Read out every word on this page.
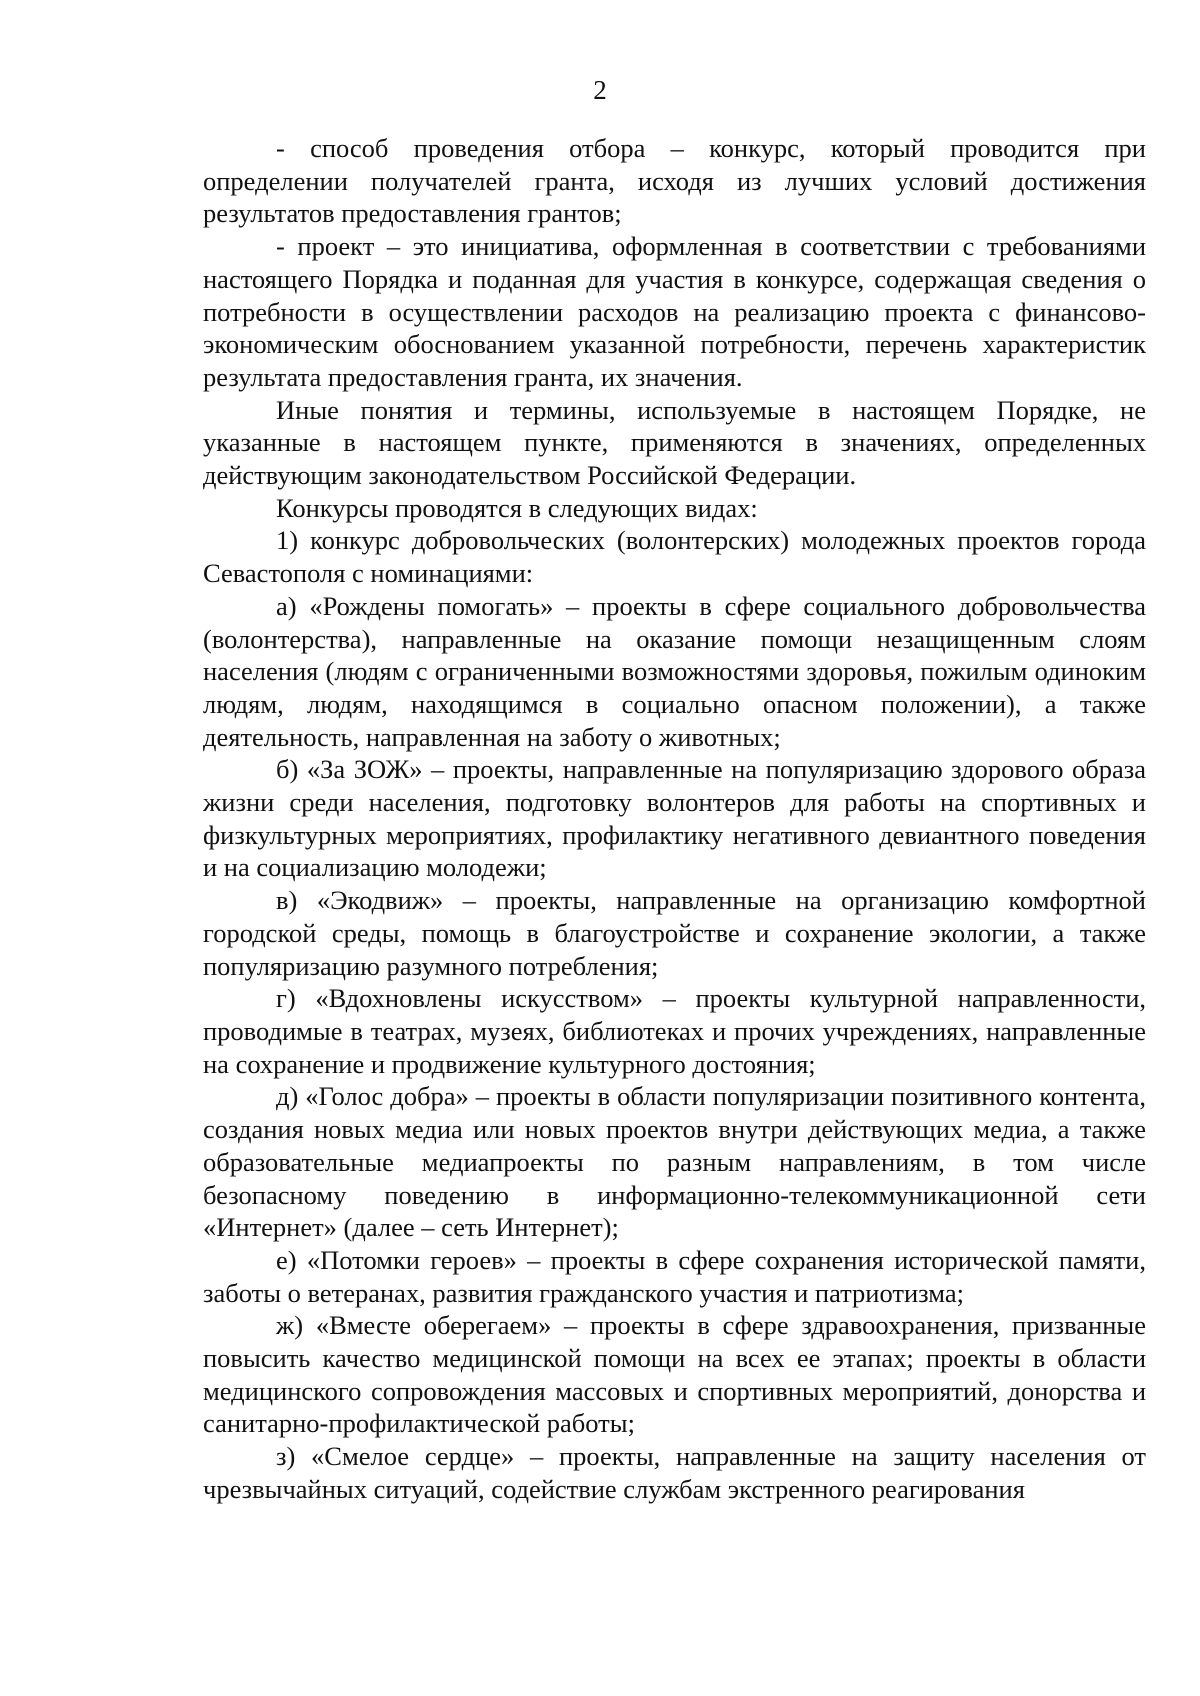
2

- способ проведения отбора – конкурс, который проводится при определении получателей гранта, исходя из лучших условий достижения результатов предоставления грантов;

- проект – это инициатива, оформленная в соответствии с требованиями настоящего Порядка и поданная для участия в конкурсе, содержащая сведения о потребности в осуществлении расходов на реализацию проекта с финансово-экономическим обоснованием указанной потребности, перечень характеристик результата предоставления гранта, их значения.

Иные понятия и термины, используемые в настоящем Порядке, не указанные в настоящем пункте, применяются в значениях, определенных действующим законодательством Российской Федерации.

Конкурсы проводятся в следующих видах:

1) конкурс добровольческих (волонтерских) молодежных проектов города Севастополя с номинациями:

а) «Рождены помогать» – проекты в сфере социального добровольчества (волонтерства), направленные на оказание помощи незащищенным слоям населения (людям с ограниченными возможностями здоровья, пожилым одиноким людям, людям, находящимся в социально опасном положении), а также деятельность, направленная на заботу о животных;

б) «За ЗОЖ» – проекты, направленные на популяризацию здорового образа жизни среди населения, подготовку волонтеров для работы на спортивных и физкультурных мероприятиях, профилактику негативного девиантного поведения и на социализацию молодежи;

в) «Экодвиж» – проекты, направленные на организацию комфортной городской среды, помощь в благоустройстве и сохранение экологии, а также популяризацию разумного потребления;

г) «Вдохновлены искусством» – проекты культурной направленности, проводимые в театрах, музеях, библиотеках и прочих учреждениях, направленные на сохранение и продвижение культурного достояния;

д) «Голос добра» – проекты в области популяризации позитивного контента, создания новых медиа или новых проектов внутри действующих медиа, а также образовательные медиапроекты по разным направлениям, в том числе безопасному поведению в информационно-телекоммуникационной сети «Интернет» (далее – сеть Интернет);

е) «Потомки героев» – проекты в сфере сохранения исторической памяти, заботы о ветеранах, развития гражданского участия и патриотизма;

ж) «Вместе оберегаем» – проекты в сфере здравоохранения, призванные повысить качество медицинской помощи на всех ее этапах; проекты в области медицинского сопровождения массовых и спортивных мероприятий, донорства и санитарно-профилактической работы;

з) «Смелое сердце» – проекты, направленные на защиту населения от чрезвычайных ситуаций, содействие службам экстренного реагирования
